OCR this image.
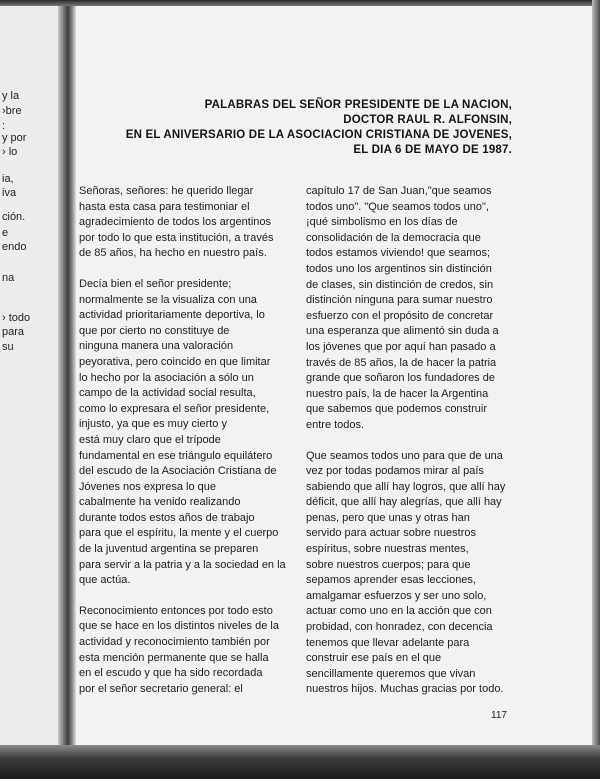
y la
›bre
:
y por
› lo
ia,
iva
ción.
e
endo
na
› todo
para
su
PALABRAS DEL SEÑOR PRESIDENTE DE LA NACION,
DOCTOR RAUL R. ALFONSIN,
EN EL ANIVERSARIO DE LA ASOCIACION CRISTIANA DE JOVENES,
EL DIA 6 DE MAYO DE 1987.
Señoras, señores: he querido llegar
hasta esta casa para testimoniar el
agradecimiento de todos los argentinos
por todo lo que esta institución, a través
de 85 años, ha hecho en nuestro país.
Decía bien el señor presidente;
normalmente se la visualiza con una
actividad prioritariamente deportiva, lo
que por cierto no constituye de
ninguna manera una valoración
peyorativa, pero coincido en que limitar
lo hecho por la asociación a sólo un
campo de la actividad social resulta,
como lo expresara el señor presidente,
injusto, ya que es muy cierto y
está muy claro que el trípode
fundamental en ese triángulo equilátero
del escudo de la Asociación Cristiana de
Jóvenes nos expresa lo que
cabalmente ha venido realizando
durante todos estos años de trabajo
para que el espíritu, la mente y el cuerpo
de la juventud argentina se preparen
para servir a la patria y a la sociedad en la
que actúa.
Reconocimiento entonces por todo esto
que se hace en los distintos niveles de la
actividad y reconocimiento también por
esta mención permanente que se halla
en el escudo y que ha sido recordada
por el señor secretario general: el
capítulo 17 de San Juan,"que seamos
todos uno". "Que seamos todos uno",
¡qué simbolismo en los días de
consolidación de la democracia que
todos estamos viviendo! que seamos;
todos uno los argentinos sin distinción
de clases, sin distinción de credos, sin
distinción ninguna para sumar nuestro
esfuerzo con el propósito de concretar
una esperanza que alimentó sin duda a
los jóvenes que por aquí han pasado a
través de 85 años, la de hacer la patria
grande que soñaron los fundadores de
nuestro país, la de hacer la Argentina
que sabemos que podemos construir
entre todos.
Que seamos todos uno para que de una
vez por todas podamos mirar al país
sabiendo que allí hay logros, que allí hay
déficit, que allí hay alegrías, que allí hay
penas, pero que unas y otras han
servido para actuar sobre nuestros
espíritus, sobre nuestras mentes,
sobre nuestros cuerpos; para que
sepamos aprender esas lecciones,
amalgamar esfuerzos y ser uno solo,
actuar como uno en la acción que con
probidad, con honradez, con decencia
tenemos que llevar adelante para
construir ese país en el que
sencillamente queremos que vivan
nuestros hijos. Muchas gracias por todo.
117
